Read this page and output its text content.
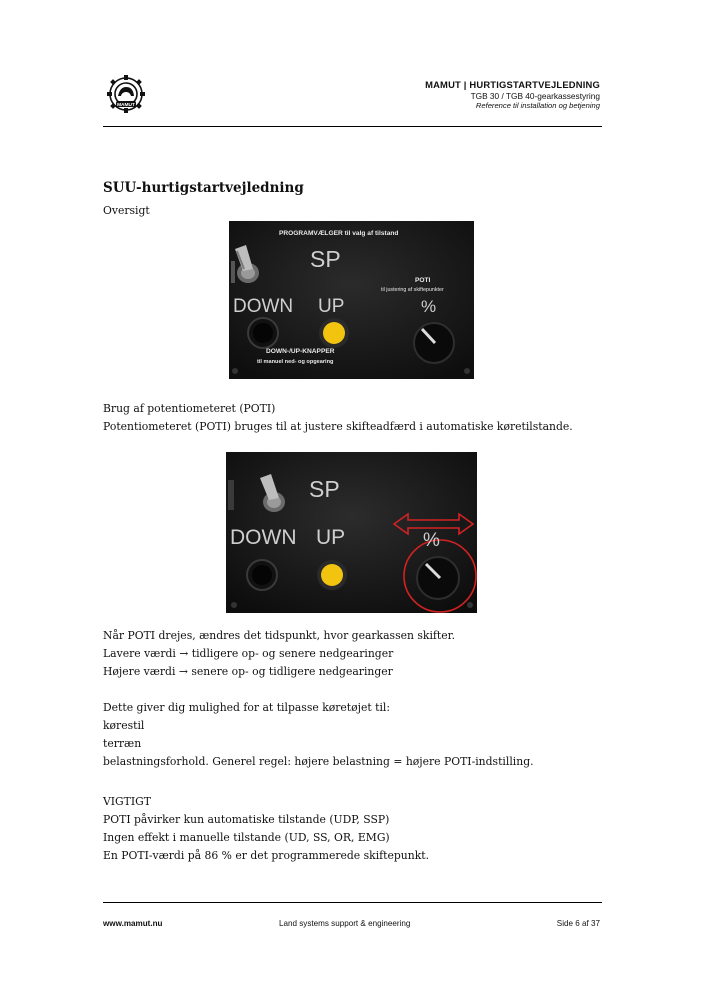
MAMUT
MAMUT | HURTIGSTARTVEJLEDNING
TGB 30 / TGB 40-gearkassestyring
Reference til installation og betjening
SUU-hurtigstartvejledning
Oversigt
PROGRAMVÆLGER til valg af tilstand
SP
DOWN UP
POTI
til justering af skiftepunkter
%
DOWN-/UP-KNAPPER
til manuel ned- og opgearing
Brug af potentiometeret (POTI)
Potentiometeret (POTI) bruges til at justere skifteadfærd i automatiske køretilstande.
SP
DOWN UP	%
Når POTI drejes, ændres det tidspunkt, hvor gearkassen skifter.
Lavere værdi → tidligere op- og senere nedgearinger
Højere værdi → senere op- og tidligere nedgearinger
Dette giver dig mulighed for at tilpasse køretøjet til:
kørestil
terræn
belastningsforhold. Generel regel: højere belastning = højere POTI-indstilling.
VIGTIGT
POTI påvirker kun automatiske tilstande (UDP, SSP)
Ingen effekt i manuelle tilstande (UD, SS, OR, EMG)
En POTI-værdi på 86 % er det programmerede skiftepunkt.
www.mamut.nu	Land systems support & engineering	Side 6 af 37
